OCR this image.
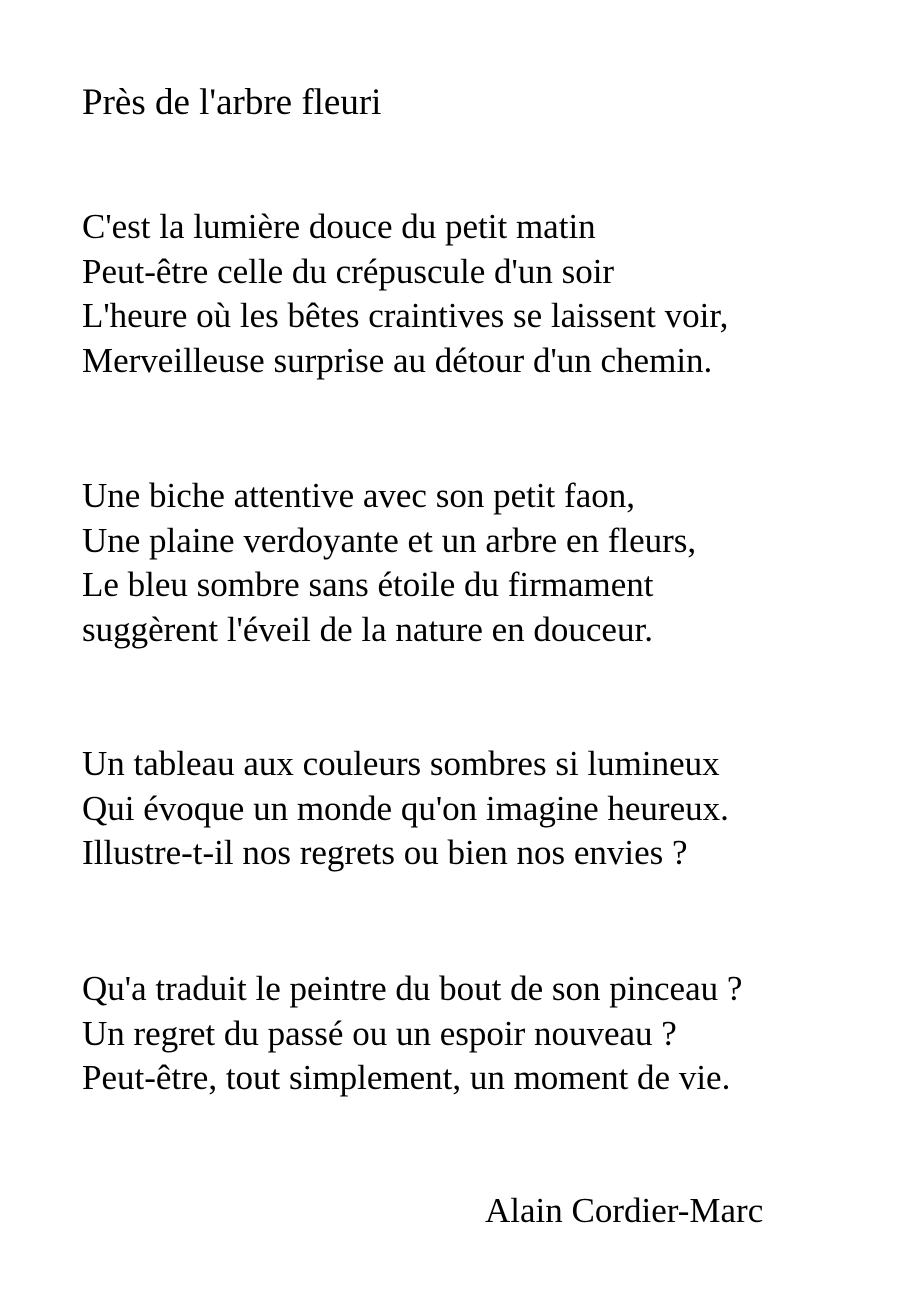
Près de l'arbre fleuri
C'est la lumière douce du petit matin
Peut-être celle du crépuscule d'un soir
L'heure où les bêtes craintives se laissent voir,
Merveilleuse surprise au détour d'un chemin.
Une biche attentive avec son petit faon,
Une plaine verdoyante et un arbre en fleurs,
Le bleu sombre sans étoile du firmament
suggèrent l'éveil de la nature en douceur.
Un tableau aux couleurs sombres si lumineux
Qui évoque un monde qu'on imagine heureux.
Illustre-t-il nos regrets ou bien nos envies ?
Qu'a traduit le peintre du bout de son pinceau ?
Un regret du passé ou un espoir nouveau ?
Peut-être, tout simplement, un moment de vie.
Alain Cordier-Marc
